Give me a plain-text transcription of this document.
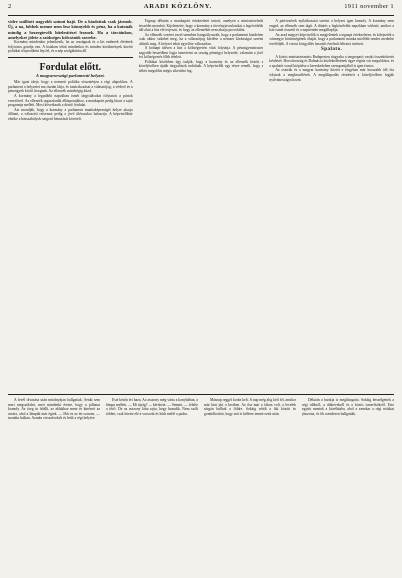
2	ARADI KÖZLÖNY.	1911 november 1

vidre szálltott nagyobb számú hajó. De a kiadottak csak jármok. Új, a na, lobbek menne nem lesz könnyebb és pénz, ha a katonák mindig a bezzegtevők hitelesitései lesznek. Ha a tárcáinkon, amelyeket jólete a szükséges kölcsönök szerebe.

Kormány mindenkor jelentkezik, ha az országnak és a kis emberek életének folytonos gondja van. A hatalom tehát mindenkor és minden körülmények között politikai tényezőként lép fel, és a nép szolgálatára áll.

Fordulat előtt.
A magyarországi parlamenti helyzet.

Már igazi ideje, hogy a nemzeti politika visszatérjen a régi alapokhoz. A parlament a helyzetet ma tisztán látja, és tanácskozásai a választójog, a véderő és a pénzügyek körül forognak. Az ellenzék mindvégig küzd.

A kormány a legutóbbi napokban ismét tárgyalásokat folytatott a pártok vezetőivel. Az ellenzék ragaszkodik álláspontjához, a munkapárt pedig kitart a saját programja mellett. Most következik a döntő fordulat.

Azt mondják, hogy a kormány a parlament munkaképességét helyre akarja állítani, a választói reformot pedig a jövő ülésszakra halasztja. A képviselőház elnöke a házszabályok szigorú betartását követeli.

Tegnap délután a munkapárt értekezletet tartott, amelyen a miniszterelnök beszédet mondott. Kijelentette, hogy a kormány a törvényjavaslatokat a legrövidebb idő alatt a ház elé terjeszti, és hogy az ellenzéket nem akarja provokálni.

Az ellenzék vezérei ezzel szemben hangsúlyozzák, hogy a parlamenti küzdelem csak akkor szűnhet meg, ha a választójog kérdése a nemzet kívánságai szerint oldatik meg. A helyzet tehát egyelőre változatlan.

A holnapi ülésen a ház a költségvetési vitát folytatja. A pénzügyminiszter nagyobb beszédben fogja ismertetni az ország pénzügyi helyzetét, valamint a jövő évi költségvetés főbb tételeit.

Politikai körökben úgy tudják, hogy a kormány és az ellenzék között a közeljövőben újabb tárgyalások indulnak. A képviselők egy része reméli, hogy a békés megoldás mégis sikerülni fog.

A pártvezérek nyilatkozatai szerint a helyzet igen komoly. A kormány nem enged, az ellenzék sem tágít. A döntés a legközelebbi napokban várható, amikor a ház ismét összeül és a napirendet megállapítja.

Az arad megyei képviselők is megjelentek a tegnapi értekezleten, és kifejezték a vármegye közönségének óhaját, hogy a parlamenti munka mielőbb rendes mederbe terelődjék. A városi közgyűlés hasonló értelmű feliratot intézett.

Spalato.

A közös minisztertanács Budapesten tárgyalta a tengerparti vasúti összeköttetés kérdését. Horvátország és Dalmácia közlekedésének ügye régóta vár megoldásra, és a spalatói vonal kiépítése a kereskedelem szempontjából is igen fontos.

Az osztrák és a magyar kormány között e tárgyban már hosszabb idő óta folynak a megbeszélések. A megállapodás részleteit a közeljövőben fogják nyilvánosságra hozni.

A levél olvasása után mindnyájan hallgattak. Senki sem mert megszólalni, mert mindenki érezte, hogy a pillanat komoly. Az öreg úr felállt, az ablakhoz ment és kinézett az utcára, ahol a lámpák már égtek. — Hát ez az én sorsom, — mondta halkan. Azután visszafordult és leült a régi helyére.

Este későn ért haza. Az asszony még várta a konyhában, a lámpa mellett. — Mi újság? — kérdezte. — Semmi, — felelte a férfi. De az asszony látta rajta, hogy hazudik. Nem szólt többet, csak letette elé a vacsorát és leült mellé a padra.

Másnap reggel korán kelt. A nap még alig kelt fel, amikor már kint járt a kertben. Az ősz már a fákon volt, a levelek sárgán hulltak a földre. Sokáig sétált a fák között és gondolkodott, hogy mit is kellene tennie ezek után.

Délután a barátja is meglátogatta. Sokáig beszélgettek a régi időkről, a diákévekről és a közös ismerősökről. Este együtt mentek a kávéházba, ahol a zenekar a régi nótákat játszotta, és ők csendesen hallgatták.
